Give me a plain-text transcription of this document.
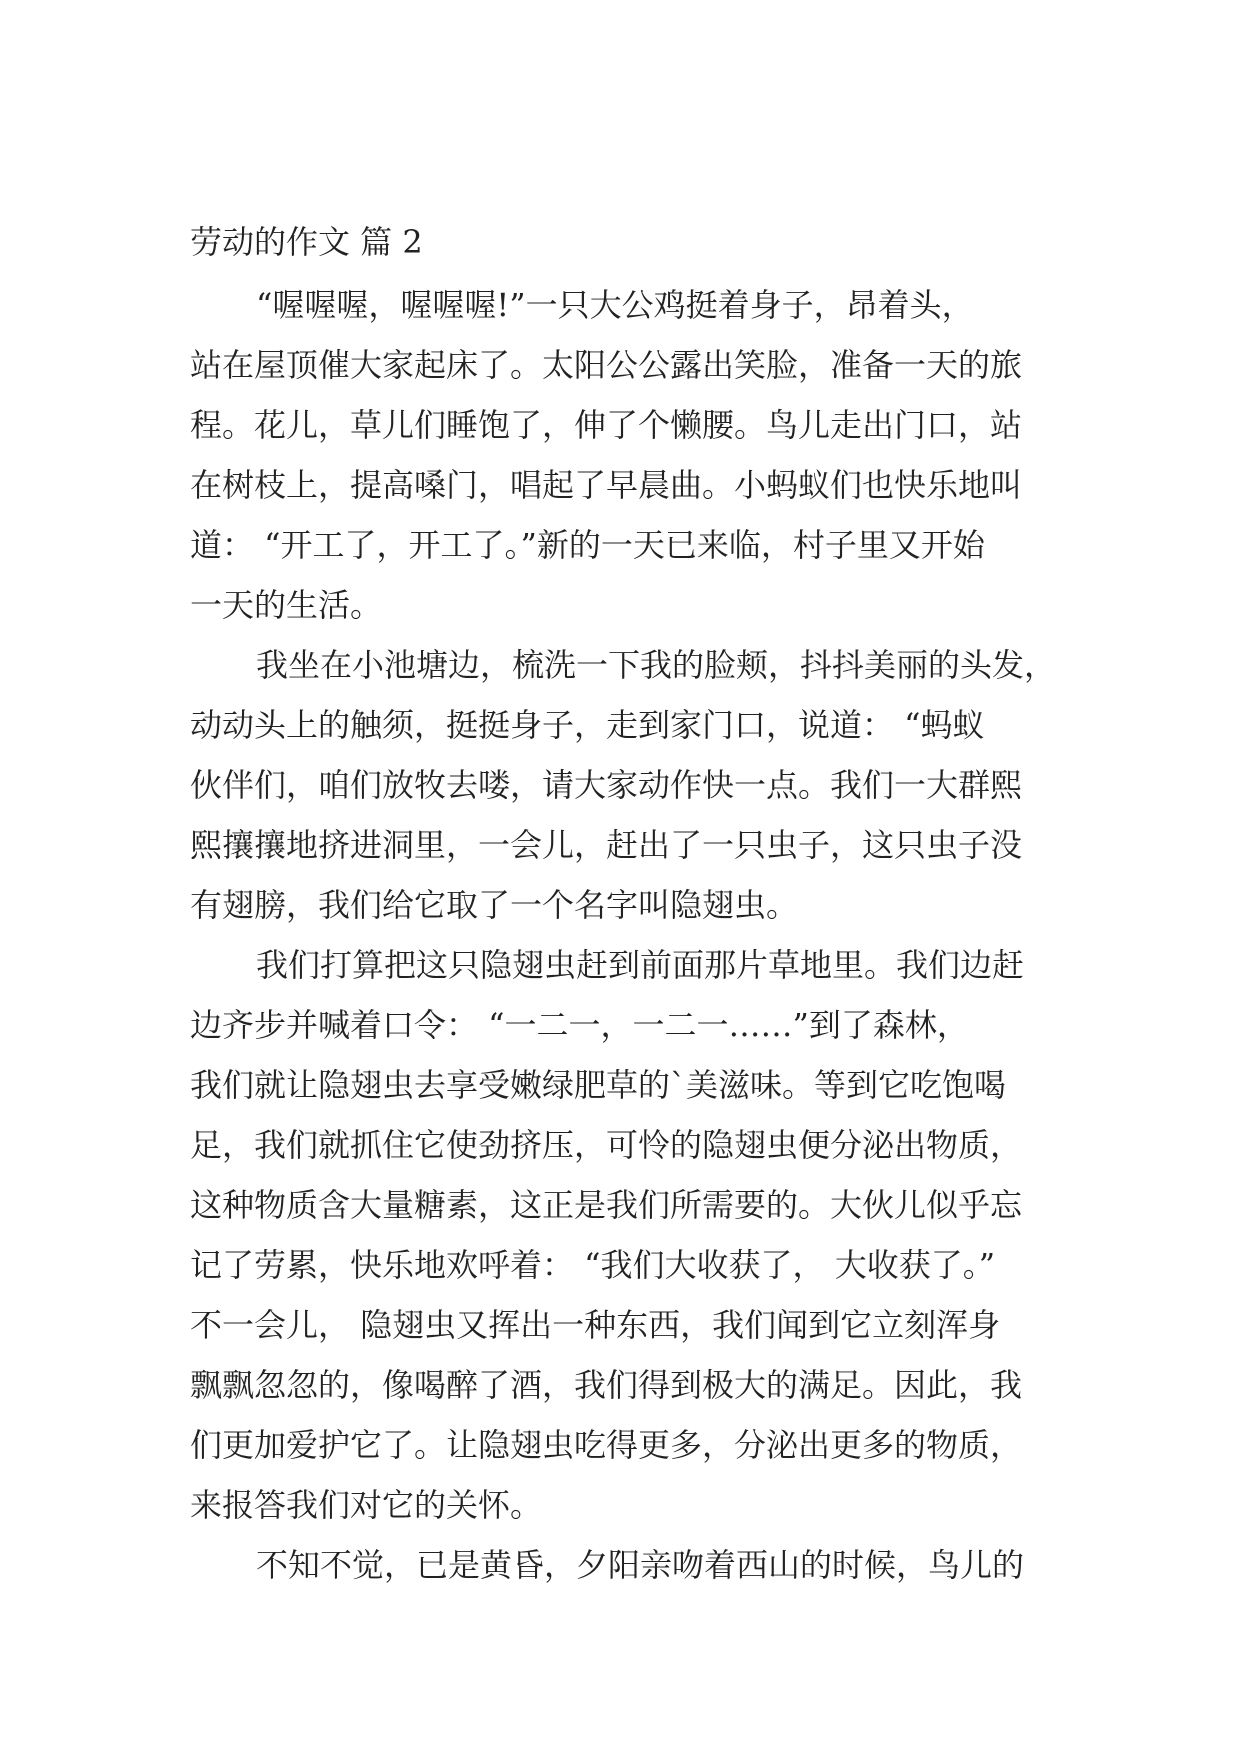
劳动的作文 篇 2
“喔喔喔，喔喔喔!”一只大公鸡挺着身子，昂着头，
站在屋顶催大家起床了。太阳公公露出笑脸，准备一天的旅
程。花儿，草儿们睡饱了，伸了个懒腰。鸟儿走出门口，站
在树枝上，提高嗓门，唱起了早晨曲。小蚂蚁们也快乐地叫
道： “开工了，开工了。”新的一天已来临，村子里又开始
一天的生活。
我坐在小池塘边，梳洗一下我的脸颊，抖抖美丽的头发，
动动头上的触须，挺挺身子，走到家门口，说道： “蚂蚁
伙伴们，咱们放牧去喽，请大家动作快一点。我们一大群熙
熙攘攘地挤进洞里，一会儿，赶出了一只虫子，这只虫子没
有翅膀，我们给它取了一个名字叫隐翅虫。
我们打算把这只隐翅虫赶到前面那片草地里。我们边赶
边齐步并喊着口令： “一二一，一二一……”到了森林，
我们就让隐翅虫去享受嫩绿肥草的`美滋味。等到它吃饱喝
足，我们就抓住它使劲挤压，可怜的隐翅虫便分泌出物质，
这种物质含大量糖素，这正是我们所需要的。大伙儿似乎忘
记了劳累，快乐地欢呼着： “我们大收获了， 大收获了。”
不一会儿， 隐翅虫又挥出一种东西，我们闻到它立刻浑身
飘飘忽忽的，像喝醉了酒，我们得到极大的满足。因此，我
们更加爱护它了。让隐翅虫吃得更多，分泌出更多的物质，
来报答我们对它的关怀。
不知不觉，已是黄昏，夕阳亲吻着西山的时候，鸟儿的
